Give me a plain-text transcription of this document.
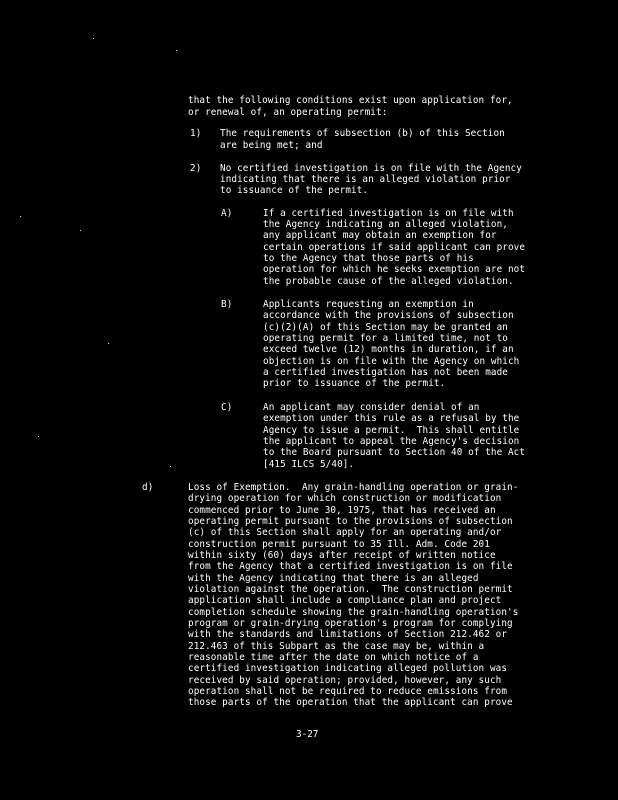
that the following conditions exist upon application for,
or renewal of, an operating permit:
1) The requirements of subsection (b) of this Section
are being met; and
2) No certified investigation is on file with the Agency
indicating that there is an alleged violation prior
to issuance of the permit.
A)	If a certified investigation is on file with
the Agency indicating an alleged violation,
any applicant may obtain an exemption for
certain operations if said applicant can prove
to the Agency that those parts of his
operation for which he seeks exemption are not
the probable cause of the alleged violation.
B)	Applicants requesting an exemption in
accordance with the provisions of subsection
(c)(2)(A) of this Section may be granted an
operating permit for a limited time, not to
exceed twelve (12) months in duration, if an
objection is on file with the Agency on which
a certified investigation has not been made
prior to issuance of the permit.
C)	An applicant may consider denial of an
exemption under this rule as a refusal by the
Agency to issue a permit.  This shall entitle
the applicant to appeal the Agency's decision
to the Board pursuant to Section 40 of the Act
[415 ILCS 5/40].
d)	Loss of Exemption.  Any grain-handling operation or grain-
drying operation for which construction or modification
commenced prior to June 30, 1975, that has received an
operating permit pursuant to the provisions of subsection
(c) of this Section shall apply for an operating and/or
construction permit pursuant to 35 Ill. Adm. Code 201
within sixty (60) days after receipt of written notice
from the Agency that a certified investigation is on file
with the Agency indicating that there is an alleged
violation against the operation.  The construction permit
application shall include a compliance plan and project
completion schedule showing the grain-handling operation's
program or grain-drying operation's program for complying
with the standards and limitations of Section 212.462 or
212.463 of this Subpart as the case may be, within a
reasonable time after the date on which notice of a
certified investigation indicating alleged pollution was
received by said operation; provided, however, any such
operation shall not be required to reduce emissions from
those parts of the operation that the applicant can prove
3-27
